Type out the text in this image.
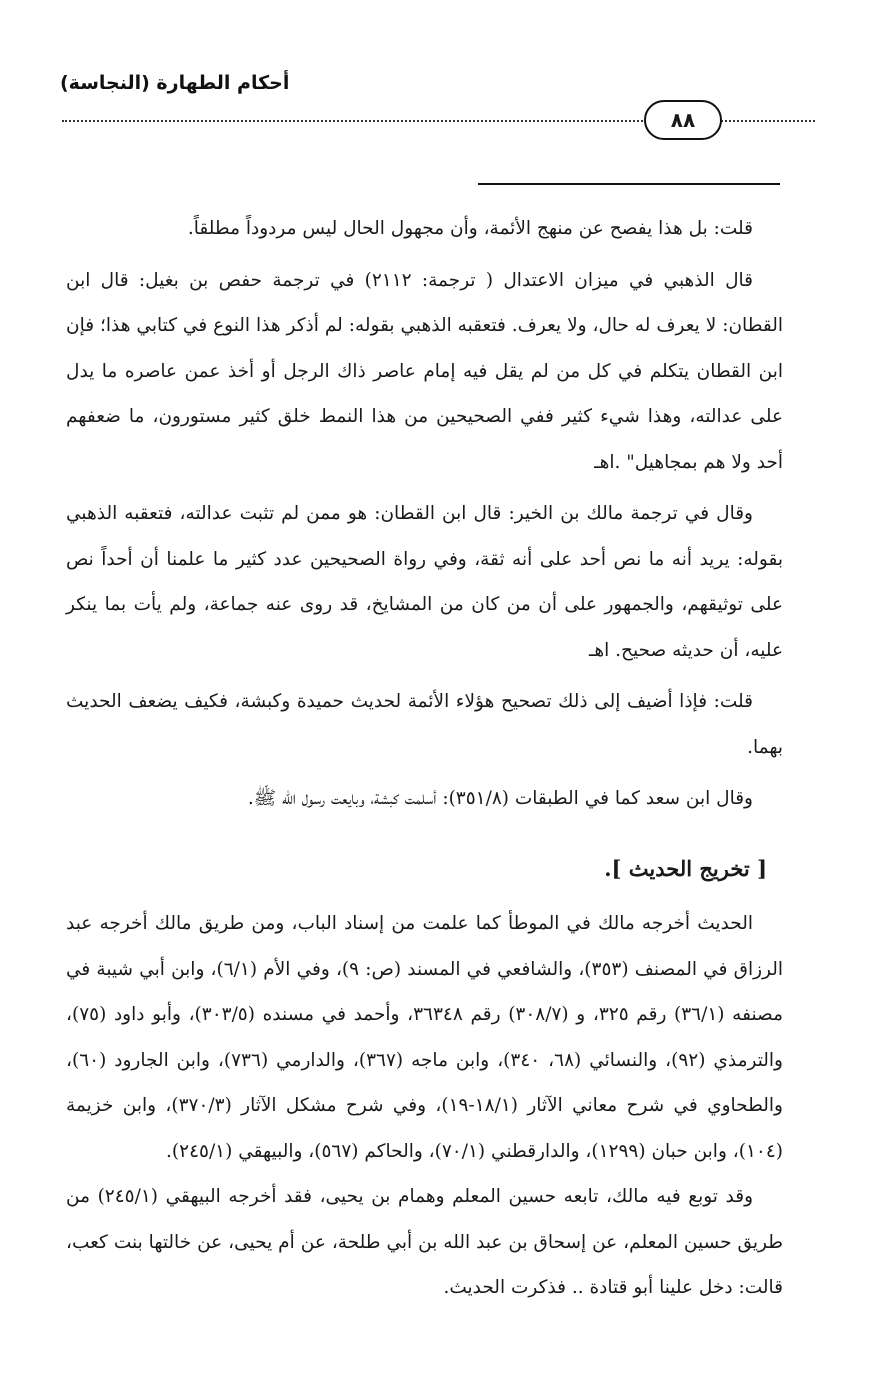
أحكام الطهارة (النجاسة)
٨٨

قلت: بل هذا يفصح عن منهج الأئمة، وأن مجهول الحال ليس مردوداً مطلقاً.

قال الذهبي في ميزان الاعتدال ( ترجمة: ٢١١٢) في ترجمة حفص بن بغيل: قال ابن القطان: لا يعرف له حال، ولا يعرف. فتعقبه الذهبي بقوله: لم أذكر هذا النوع في كتابي هذا؛ فإن ابن القطان يتكلم في كل من لم يقل فيه إمام عاصر ذاك الرجل أو أخذ عمن عاصره ما يدل على عدالته، وهذا شيء كثير ففي الصحيحين من هذا النمط خلق كثير مستورون، ما ضعفهم أحد ولا هم بمجاهيل" .اهـ

وقال في ترجمة مالك بن الخير: قال ابن القطان: هو ممن لم تثبت عدالته، فتعقبه الذهبي بقوله: يريد أنه ما نص أحد على أنه ثقة، وفي رواة الصحيحين عدد كثير ما علمنا أن أحداً نص على توثيقهم، والجمهور على أن من كان من المشايخ، قد روى عنه جماعة، ولم يأت بما ينكر عليه، أن حديثه صحيح. اهـ

قلت: فإذا أضيف إلى ذلك تصحيح هؤلاء الأئمة لحديث حميدة وكبشة، فكيف يضعف الحديث بهما.

وقال ابن سعد كما في الطبقات (٣٥١/٨): أسلمت كبشة، وبايعت رسول الله ﷺ.

[ تخريج الحديث ].

الحديث أخرجه مالك في الموطأ كما علمت من إسناد الباب، ومن طريق مالك أخرجه عبد الرزاق في المصنف (٣٥٣)، والشافعي في المسند (ص: ٩)، وفي الأم (٦/١)، وابن أبي شيبة في مصنفه (٣٦/١) رقم ٣٢٥، و (٣٠٨/٧) رقم ٣٦٣٤٨، وأحمد في مسنده (٣٠٣/٥)، وأبو داود (٧٥)، والترمذي (٩٢)، والنسائي (٦٨، ٣٤٠)، وابن ماجه (٣٦٧)، والدارمي (٧٣٦)، وابن الجارود (٦٠)، والطحاوي في شرح معاني الآثار (١٨/١-١٩)، وفي شرح مشكل الآثار (٣٧٠/٣)، وابن خزيمة (١٠٤)، وابن حبان (١٢٩٩)، والدارقطني (٧٠/١)، والحاكم (٥٦٧)، والبيهقي (٢٤٥/١).

وقد توبع فيه مالك، تابعه حسين المعلم وهمام بن يحيى، فقد أخرجه البيهقي (٢٤٥/١) من طريق حسين المعلم، عن إسحاق بن عبد الله بن أبي طلحة، عن أم يحيى، عن خالتها بنت كعب، قالت: دخل علينا أبو قتادة .. فذكرت الحديث.
